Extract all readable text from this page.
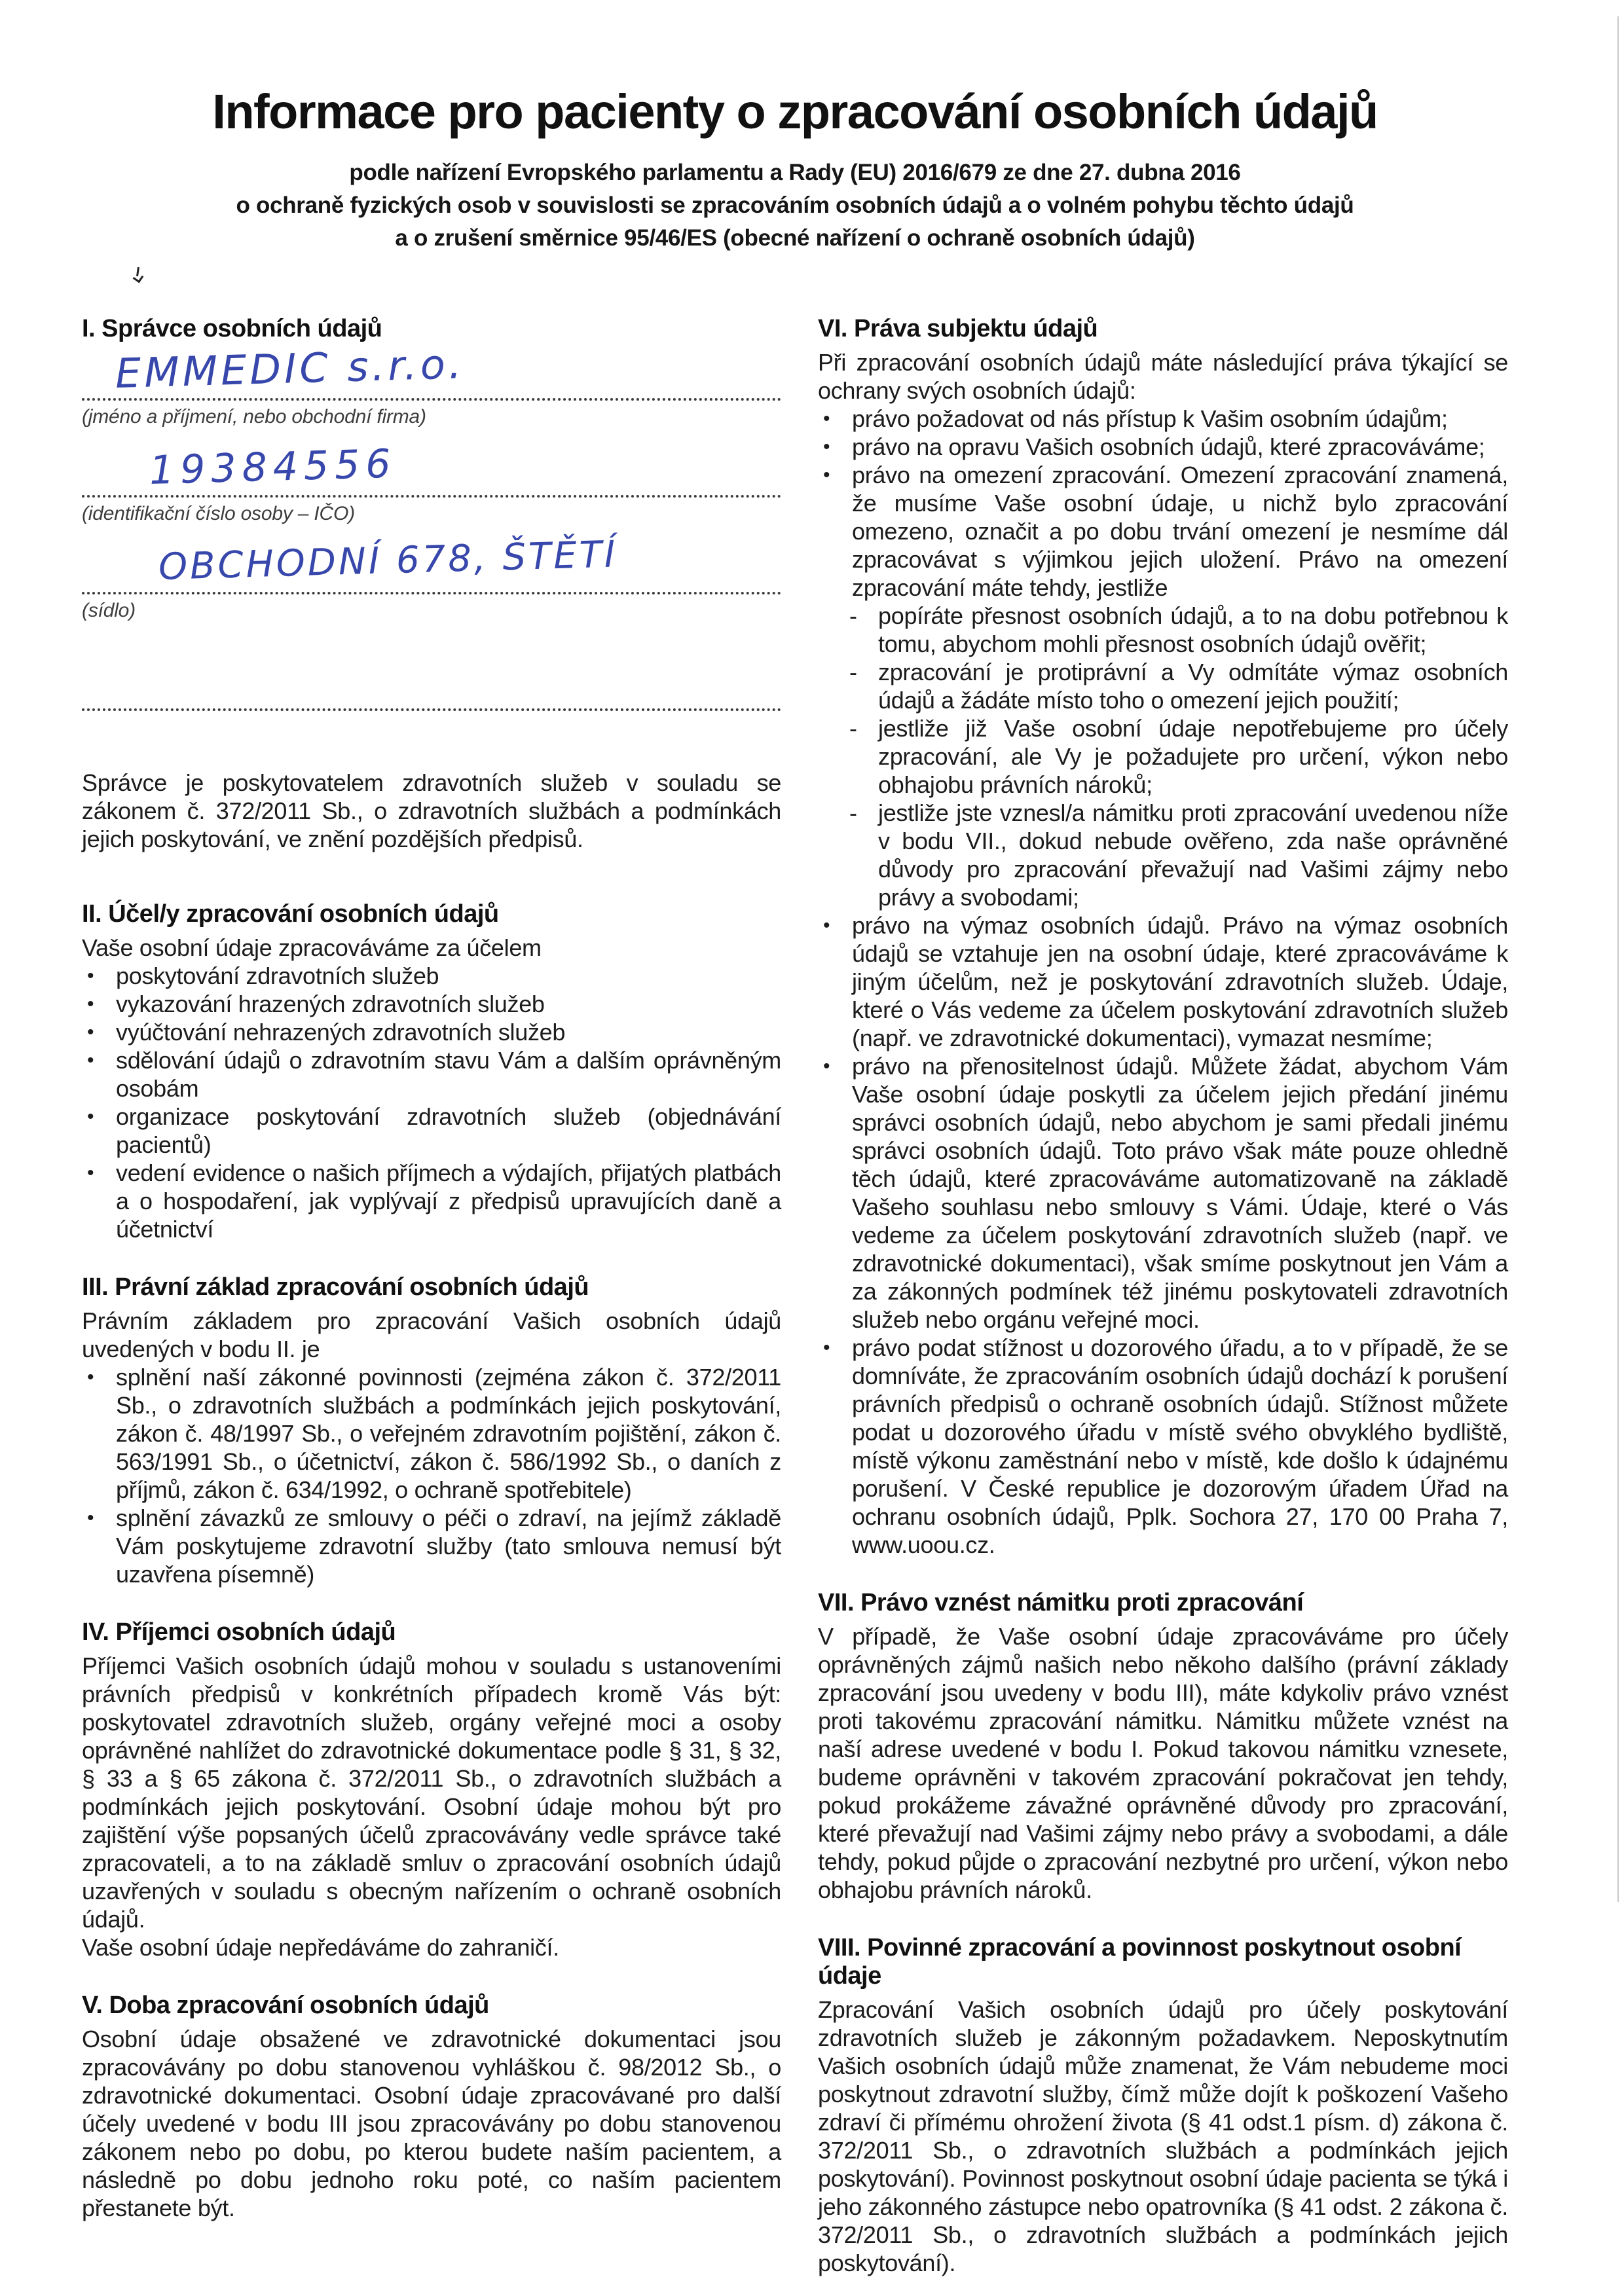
Informace pro pacienty o zpracování osobních údajů

podle nařízení Evropského parlamentu a Rady (EU) 2016/679 ze dne 27. dubna 2016

o ochraně fyzických osob v souvislosti se zpracováním osobních údajů a o volném pohybu těchto údajů

a o zrušení směrnice 95/46/ES (obecné nařízení o ochraně osobních údajů)

I. Správce osobních údajů
EMMEDIC s.r.o.
(jméno a příjmení, nebo obchodní firma)
19384556
(identifikační číslo osoby – IČO)
OBCHODNÍ 678, ŠTĚTÍ
(sídlo)

Správce je poskytovatelem zdravotních služeb v souladu se zákonem č. 372/2011 Sb., o zdravotních službách a podmínkách jejich poskytování, ve znění pozdějších předpisů.

II. Účel/y zpracování osobních údajů

Vaše osobní údaje zpracováváme za účelem

•
poskytování zdravotních služeb
•
vykazování hrazených zdravotních služeb
•
vyúčtování nehrazených zdravotních služeb
•
sdělování údajů o zdravotním stavu Vám a dalším oprávněným osobám
•
organizace poskytování zdravotních služeb (objednávání pacientů)
•
vedení evidence o našich příjmech a výdajích, přijatých platbách a o hospodaření, jak vyplývají z předpisů upravujících daně a účetnictví
III. Právní základ zpracování osobních údajů

Právním základem pro zpracování Vašich osobních údajů uvedených v bodu II. je

•
splnění naší zákonné povinnosti (zejména zákon č. 372/2011 Sb., o zdravotních službách a podmínkách jejich poskytování, zákon č. 48/1997 Sb., o veřejném zdravotním pojištění, zákon č. 563/1991 Sb., o účetnictví, zákon č. 586/1992 Sb., o daních z příjmů, zákon č. 634/1992, o ochraně spotřebitele)
•
splnění závazků ze smlouvy o péči o zdraví, na jejímž základě Vám poskytujeme zdravotní služby (tato smlouva nemusí být uzavřena písemně)
IV. Příjemci osobních údajů

Příjemci Vašich osobních údajů mohou v souladu s ustanoveními právních předpisů v konkrétních případech kromě Vás být: poskytovatel zdravotních služeb, orgány veřejné moci a osoby oprávněné nahlížet do zdravotnické dokumentace podle § 31, § 32, § 33 a § 65 zákona č. 372/2011 Sb., o zdravotních službách a podmínkách jejich poskytování. Osobní údaje mohou být pro zajištění výše popsaných účelů zpracovávány vedle správce také zpracovateli, a to na základě smluv o zpracování osobních údajů uzavřených v souladu s obecným nařízením o ochraně osobních údajů.

Vaše osobní údaje nepředáváme do zahraničí.

V. Doba zpracování osobních údajů

Osobní údaje obsažené ve zdravotnické dokumentaci jsou zpracovávány po dobu stanovenou vyhláškou č. 98/2012 Sb., o zdravotnické dokumentaci. Osobní údaje zpracovávané pro další účely uvedené v bodu III jsou zpracovávány po dobu stanovenou zákonem nebo po dobu, po kterou budete naším pacientem, a následně po dobu jednoho roku poté, co naším pacientem přestanete být.

VI. Práva subjektu údajů

Při zpracování osobních údajů máte následující práva týkající se ochrany svých osobních údajů:

•
právo požadovat od nás přístup k Vašim osobním údajům;
•
právo na opravu Vašich osobních údajů, které zpracováváme;
•
právo na omezení zpracování. Omezení zpracování znamená, že musíme Vaše osobní údaje, u nichž bylo zpracování omezeno, označit a po dobu trvání omezení je nesmíme dál zpracovávat s výjimkou jejich uložení. Právo na omezení zpracování máte tehdy, jestliže
-
popíráte přesnost osobních údajů, a to na dobu potřebnou k tomu, abychom mohli přesnost osobních údajů ověřit;
-
zpracování je protiprávní a Vy odmítáte výmaz osobních údajů a žádáte místo toho o omezení jejich použití;
-
jestliže již Vaše osobní údaje nepotřebujeme pro účely zpracování, ale Vy je požadujete pro určení, výkon nebo obhajobu právních nároků;
-
jestliže jste vznesl/a námitku proti zpracování uvedenou níže v bodu VII., dokud nebude ověřeno, zda naše oprávněné důvody pro zpracování převažují nad Vašimi zájmy nebo právy a svobodami;
•
právo na výmaz osobních údajů. Právo na výmaz osobních údajů se vztahuje jen na osobní údaje, které zpracováváme k jiným účelům, než je poskytování zdravotních služeb. Údaje, které o Vás vedeme za účelem poskytování zdravotních služeb (např. ve zdravotnické dokumentaci), vymazat nesmíme;
•
právo na přenositelnost údajů. Můžete žádat, abychom Vám Vaše osobní údaje poskytli za účelem jejich předání jinému správci osobních údajů, nebo abychom je sami předali jinému správci osobních údajů. Toto právo však máte pouze ohledně těch údajů, které zpracováváme automatizovaně na základě Vašeho souhlasu nebo smlouvy s Vámi. Údaje, které o Vás vedeme za účelem poskytování zdravotních služeb (např. ve zdravotnické dokumentaci), však smíme poskytnout jen Vám a za zákonných podmínek též jinému poskytovateli zdravotních služeb nebo orgánu veřejné moci.
•
právo podat stížnost u dozorového úřadu, a to v případě, že se domníváte, že zpracováním osobních údajů dochází k porušení právních předpisů o ochraně osobních údajů. Stížnost můžete podat u dozorového úřadu v místě svého obvyklého bydliště, místě výkonu zaměstnání nebo v místě, kde došlo k údajnému porušení. V České republice je dozorovým úřadem Úřad na ochranu osobních údajů, Pplk. Sochora 27, 170 00 Praha 7, www.uoou.cz.
VII. Právo vznést námitku proti zpracování

V případě, že Vaše osobní údaje zpracováváme pro účely oprávněných zájmů našich nebo někoho dalšího (právní základy zpracování jsou uvedeny v bodu III), máte kdykoliv právo vznést proti takovému zpracování námitku. Námitku můžete vznést na naší adrese uvedené v bodu I. Pokud takovou námitku vznesete, budeme oprávněni v takovém zpracování pokračovat jen tehdy, pokud prokážeme závažné oprávněné důvody pro zpracování, které převažují nad Vašimi zájmy nebo právy a svobodami, a dále tehdy, pokud půjde o zpracování nezbytné pro určení, výkon nebo obhajobu právních nároků.

VIII. Povinné zpracování a povinnost poskytnout osobní údaje

Zpracování Vašich osobních údajů pro účely poskytování zdravotních služeb je zákonným požadavkem. Neposkytnutím Vašich osobních údajů může znamenat, že Vám nebudeme moci poskytnout zdravotní služby, čímž může dojít k poškození Vašeho zdraví či přímému ohrožení života (§ 41 odst.1 písm. d) zákona č. 372/2011 Sb., o zdravotních službách a podmínkách jejich poskytování). Povinnost poskytnout osobní údaje pacienta se týká i jeho zákonného zástupce nebo opatrovníka (§ 41 odst. 2 zákona č. 372/2011 Sb., o zdravotních službách a podmínkách jejich poskytování).
